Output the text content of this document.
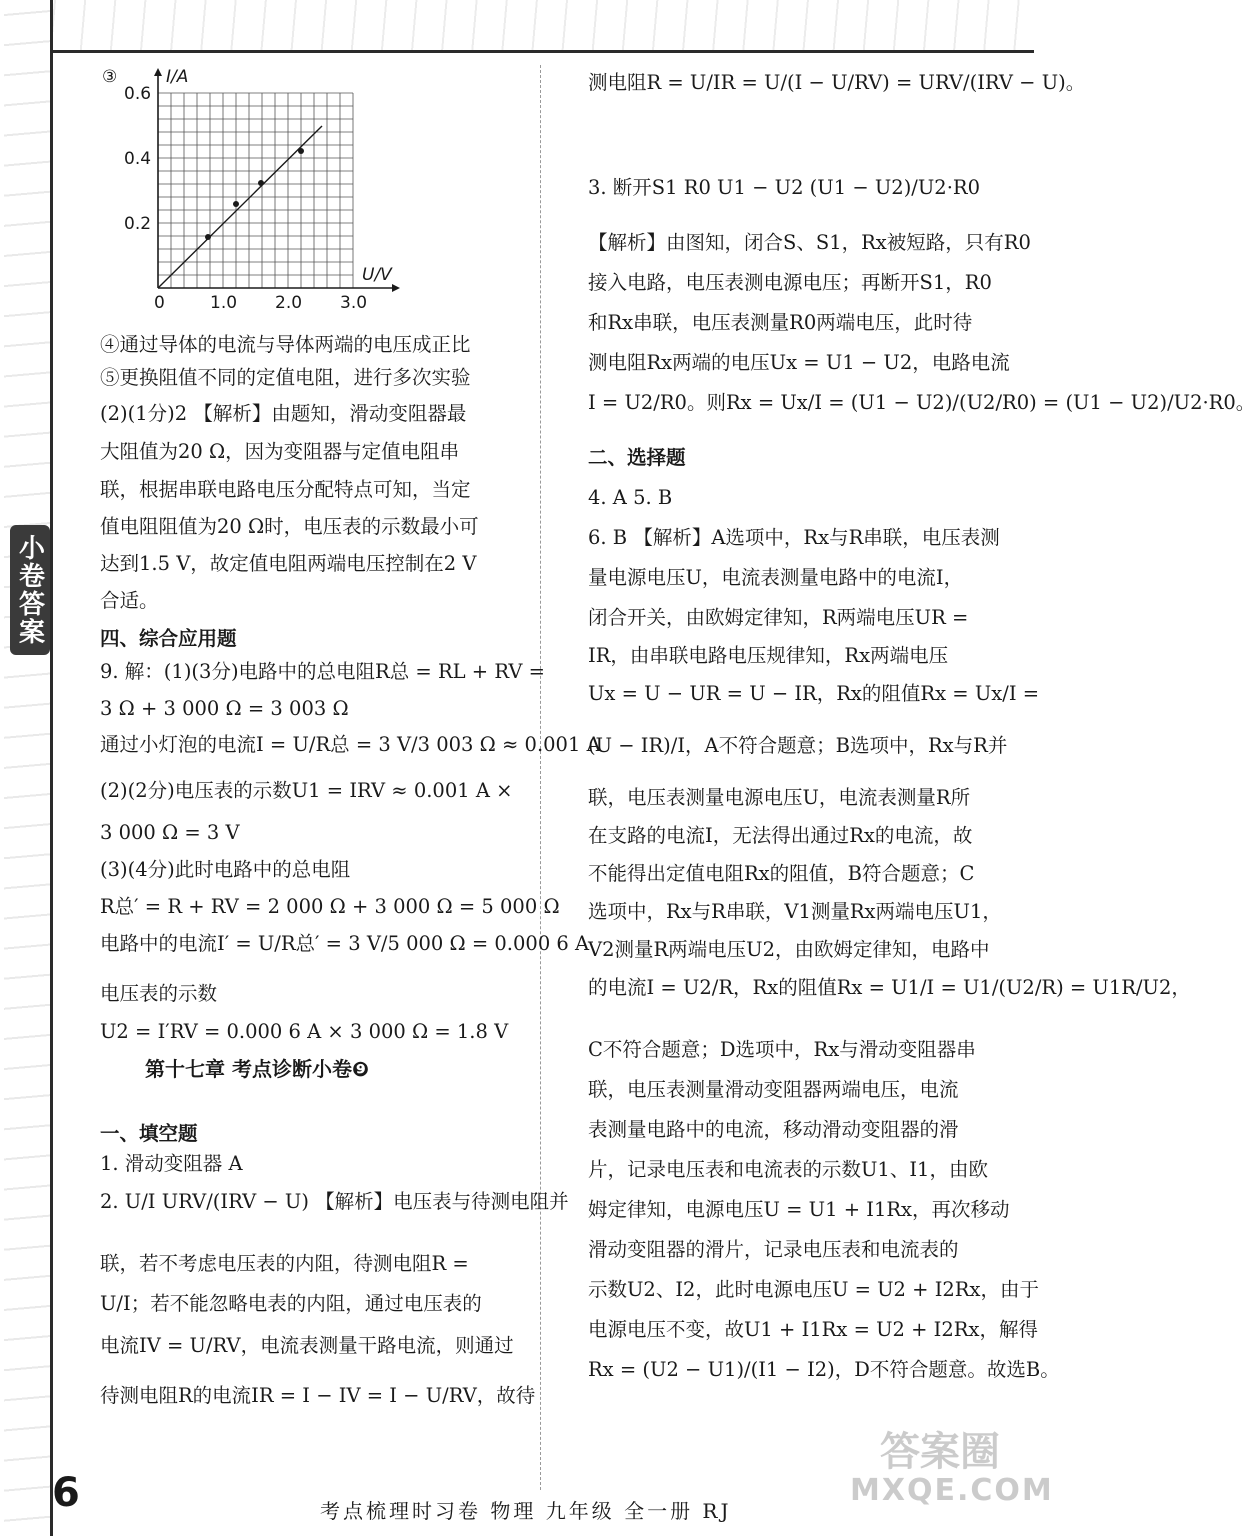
小卷答案
③	I/A
U/V
0.2
0.4
0.6
0	1.0 2.0 3.0
④通过导体的电流与导体两端的电压成正比
⑤更换阻值不同的定值电阻，进行多次实验
(2)(1分)2 【解析】由题知，滑动变阻器最
大阻值为20 Ω，因为变阻器与定值电阻串
联，根据串联电路电压分配特点可知，当定
值电阻阻值为20 Ω时，电压表的示数最小可
达到1.5 V，故定值电阻两端电压控制在2 V
合适。
四、综合应用题
9. 解：(1)(3分)电路中的总电阻R总 = RL + RV =
3 Ω + 3 000 Ω = 3 003 Ω
通过小灯泡的电流I = U/R总 = 3 V/3 003 Ω ≈ 0.001 A
(2)(2分)电压表的示数U1 = IRV ≈ 0.001 A ×
3 000 Ω = 3 V
(3)(4分)此时电路中的总电阻
R总′ = R + RV = 2 000 Ω + 3 000 Ω = 5 000 Ω
电路中的电流I′ = U/R总′ = 3 V/5 000 Ω = 0.000 6 A
电压表的示数
U2 = I′RV = 0.000 6 A × 3 000 Ω = 1.8 V
第十七章 考点诊断小卷❾
一、填空题
1. 滑动变阻器 A
2. U/I URV/(IRV − U) 【解析】电压表与待测电阻并
联，若不考虑电压表的内阻，待测电阻R =
U/I；若不能忽略电表的内阻，通过电压表的
电流IV = U/RV，电流表测量干路电流，则通过
待测电阻R的电流IR = I − IV = I − U/RV，故待
测电阻R = U/IR = U/(I − U/RV) = URV/(IRV − U)。
3. 断开S1 R0 U1 − U2 (U1 − U2)/U2·R0
【解析】由图知，闭合S、S1，Rx被短路，只有R0
接入电路，电压表测电源电压；再断开S1，R0
和Rx串联，电压表测量R0两端电压，此时待
测电阻Rx两端的电压Ux = U1 − U2，电路电流
I = U2/R0。则Rx = Ux/I = (U1 − U2)/(U2/R0) = (U1 − U2)/U2·R0。
二、选择题
4. A 5. B
6. B 【解析】A选项中，Rx与R串联，电压表测
量电源电压U，电流表测量电路中的电流I，
闭合开关，由欧姆定律知，R两端电压UR =
IR，由串联电路电压规律知，Rx两端电压
Ux = U − UR = U − IR，Rx的阻值Rx = Ux/I =
(U − IR)/I，A不符合题意；B选项中，Rx与R并
联，电压表测量电源电压U，电流表测量R所
在支路的电流I，无法得出通过Rx的电流，故
不能得出定值电阻Rx的阻值，B符合题意；C
选项中，Rx与R串联，V1测量Rx两端电压U1，
V2测量R两端电压U2，由欧姆定律知，电路中
的电流I = U2/R，Rx的阻值Rx = U1/I = U1/(U2/R) = U1R/U2，
C不符合题意；D选项中，Rx与滑动变阻器串
联，电压表测量滑动变阻器两端电压，电流
表测量电路中的电流，移动滑动变阻器的滑
片，记录电压表和电流表的示数U1、I1，由欧
姆定律知，电源电压U = U1 + I1Rx，再次移动
滑动变阻器的滑片，记录电压表和电流表的
示数U2、I2，此时电源电压U = U2 + I2Rx，由于
电源电压不变，故U1 + I1Rx = U2 + I2Rx，解得
Rx = (U2 − U1)/(I1 − I2)，D不符合题意。故选B。
6	考点梳理时习卷 物理 九年级 全一册 RJ
答案圈
MXQE.COM
